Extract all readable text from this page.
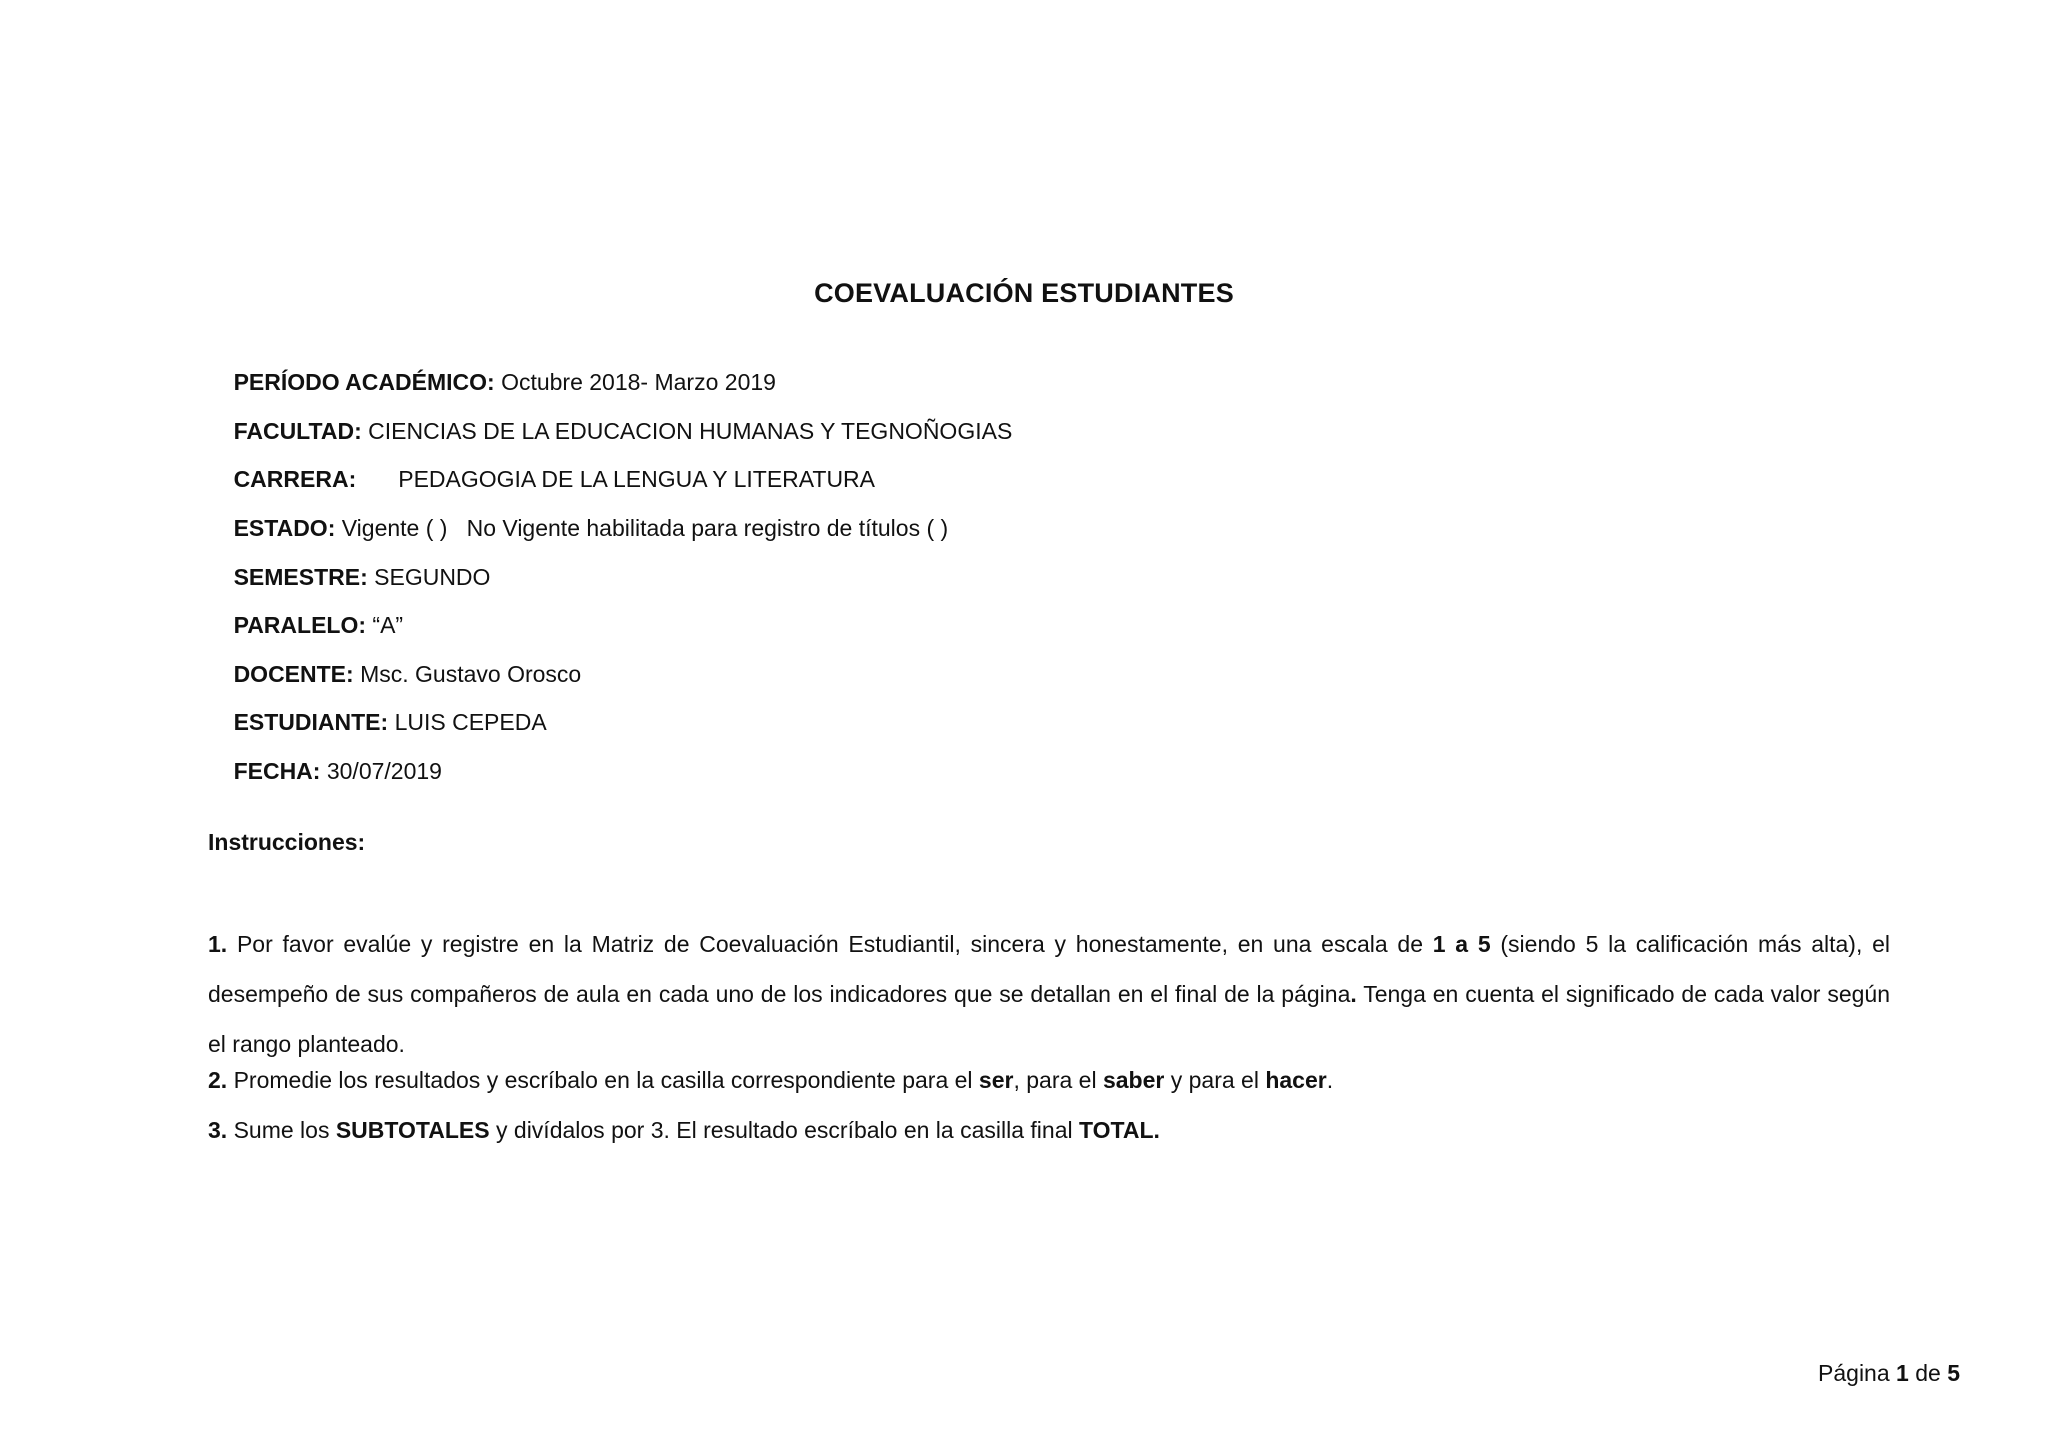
COEVALUACIÓN ESTUDIANTES

PERÍODO ACADÉMICO: Octubre 2018- Marzo 2019

FACULTAD: CIENCIAS DE LA EDUCACION HUMANAS Y TEGNOÑOGIAS

CARRERA: PEDAGOGIA DE LA LENGUA Y LITERATURA

ESTADO: Vigente ( )   No Vigente habilitada para registro de títulos ( )

SEMESTRE: SEGUNDO

PARALELO: “A”

DOCENTE: Msc. Gustavo Orosco

ESTUDIANTE: LUIS CEPEDA

FECHA: 30/07/2019

Instrucciones:
1. Por favor evalúe y registre en la Matriz de Coevaluación Estudiantil, sincera y honestamente, en una escala de 1 a 5 (siendo 5 la calificación más alta), el desempeño de sus compañeros de aula en cada uno de los indicadores que se detallan en el final de la página. Tenga en cuenta el significado de cada valor según el rango planteado.
2. Promedie los resultados y escríbalo en la casilla correspondiente para el ser, para el saber y para el hacer.
3. Sume los SUBTOTALES y divídalos por 3. El resultado escríbalo en la casilla final TOTAL.
Página 1 de 5
